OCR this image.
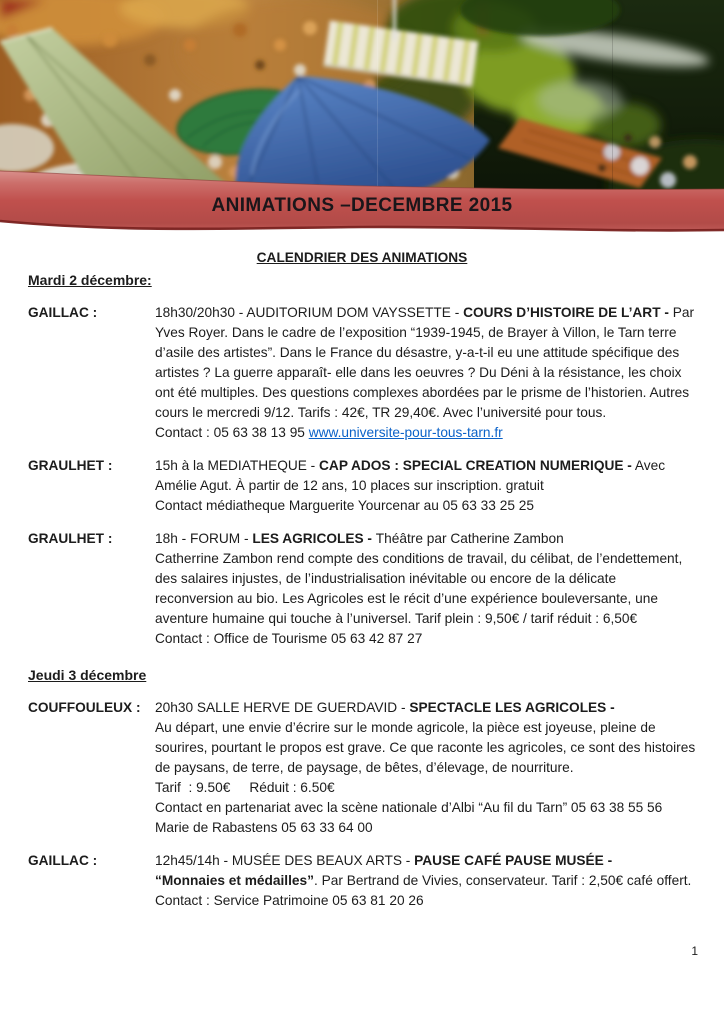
ANIMATIONS –DECEMBRE 2015
CALENDRIER DES ANIMATIONS
Mardi 2 décembre:
GAILLAC :	18h30/20h30 - AUDITORIUM DOM VAYSSETTE - COURS D’HISTOIRE DE L’ART - Par Yves Royer. Dans le cadre de l’exposition “1939-1945, de Brayer à Villon, le Tarn terre d’asile des artistes”. Dans le France du désastre, y-a-t-il eu une attitude spécifique des artistes ? La guerre apparaît- elle dans les oeuvres ? Du Déni à la résistance, les choix ont été multiples. Des questions complexes abordées par le prisme de l’historien. Autres cours le mercredi 9/12. Tarifs : 42€, TR 29,40€. Avec l’université pour tous.
Contact : 05 63 38 13 95 www.universite-pour-tous-tarn.fr
GRAULHET :	15h à la MEDIATHEQUE - CAP ADOS : SPECIAL CREATION NUMERIQUE - Avec Amélie Agut. À partir de 12 ans, 10 places sur inscription. gratuit
Contact médiatheque Marguerite Yourcenar au 05 63 33 25 25
GRAULHET :	18h - FORUM - LES AGRICOLES - Théâtre par Catherine Zambon
Catherrine Zambon rend compte des conditions de travail, du célibat, de l’endettement, des salaires injustes, de l’industrialisation inévitable ou encore de la délicate reconversion au bio. Les Agricoles est le récit d’une expérience bouleversante, une aventure humaine qui touche à l’universel. Tarif plein : 9,50€ / tarif réduit : 6,50€
Contact : Office de Tourisme 05 63 42 87 27
Jeudi 3 décembre
COUFFOULEUX :	20h30 SALLE HERVE DE GUERDAVID - SPECTACLE LES AGRICOLES -
Au départ, une envie d’écrire sur le monde agricole, la pièce est joyeuse, pleine de sourires, pourtant le propos est grave. Ce que raconte les agricoles, ce sont des histoires de paysans, de terre, de paysage, de bêtes, d’élevage, de nourriture.
Tarif  : 9.50€     Réduit : 6.50€
Contact en partenariat avec la scène nationale d’Albi “Au fil du Tarn” 05 63 38 55 56
Marie de Rabastens 05 63 33 64 00
GAILLAC :	12h45/14h - MUSÉE DES BEAUX ARTS - PAUSE CAFÉ PAUSE MUSÉE -
“Monnaies et médailles”. Par Bertrand de Vivies, conservateur. Tarif : 2,50€ café offert.
Contact : Service Patrimoine 05 63 81 20 26
1
